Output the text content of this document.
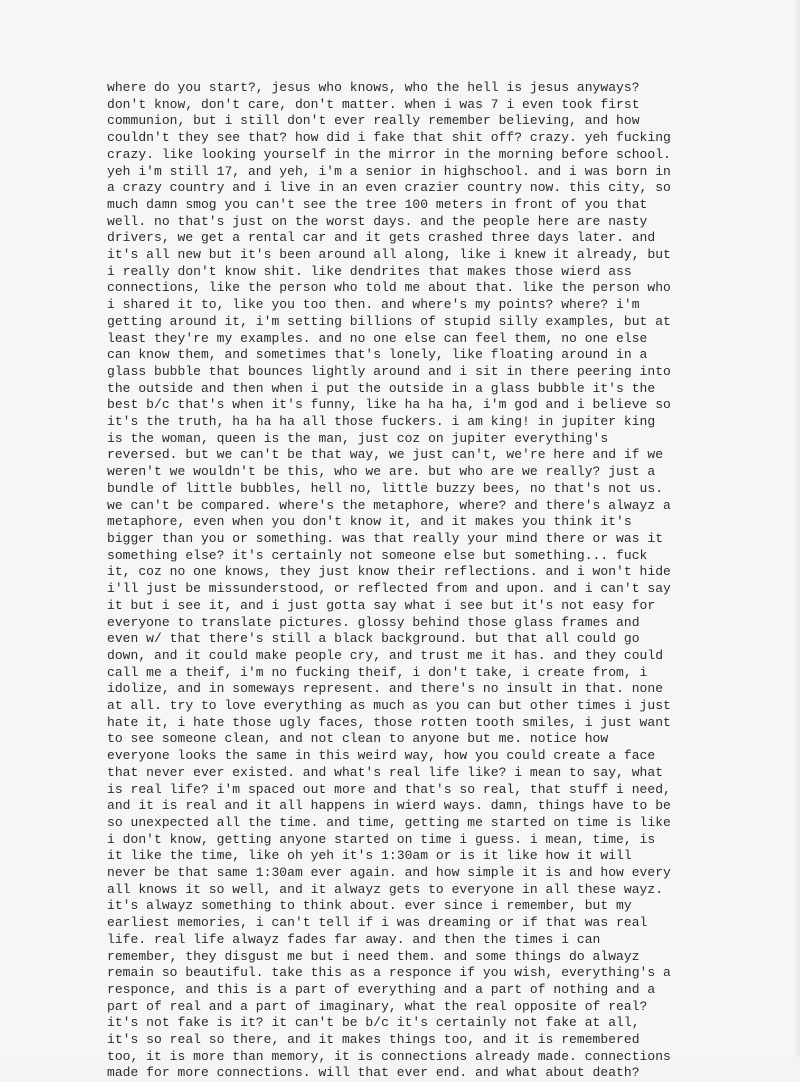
where do you start?, jesus who knows, who the hell is jesus anyways?
don't know, don't care, don't matter. when i was 7 i even took first
communion, but i still don't ever really remember believing, and how
couldn't they see that? how did i fake that shit off? crazy. yeh fucking
crazy. like looking yourself in the mirror in the morning before school.
yeh i'm still 17, and yeh, i'm a senior in highschool. and i was born in
a crazy country and i live in an even crazier country now. this city, so
much damn smog you can't see the tree 100 meters in front of you that
well. no that's just on the worst days. and the people here are nasty
drivers, we get a rental car and it gets crashed three days later. and
it's all new but it's been around all along, like i knew it already, but
i really don't know shit. like dendrites that makes those wierd ass
connections, like the person who told me about that. like the person who
i shared it to, like you too then. and where's my points? where? i'm
getting around it, i'm setting billions of stupid silly examples, but at
least they're my examples. and no one else can feel them, no one else
can know them, and sometimes that's lonely, like floating around in a
glass bubble that bounces lightly around and i sit in there peering into
the outside and then when i put the outside in a glass bubble it's the
best b/c that's when it's funny, like ha ha ha, i'm god and i believe so
it's the truth, ha ha ha all those fuckers. i am king! in jupiter king
is the woman, queen is the man, just coz on jupiter everything's
reversed. but we can't be that way, we just can't, we're here and if we
weren't we wouldn't be this, who we are. but who are we really? just a
bundle of little bubbles, hell no, little buzzy bees, no that's not us.
we can't be compared. where's the metaphore, where? and there's alwayz a
metaphore, even when you don't know it, and it makes you think it's
bigger than you or something. was that really your mind there or was it
something else? it's certainly not someone else but something... fuck
it, coz no one knows, they just know their reflections. and i won't hide
i'll just be missunderstood, or reflected from and upon. and i can't say
it but i see it, and i just gotta say what i see but it's not easy for
everyone to translate pictures. glossy behind those glass frames and
even w/ that there's still a black background. but that all could go
down, and it could make people cry, and trust me it has. and they could
call me a theif, i'm no fucking theif, i don't take, i create from, i
idolize, and in someways represent. and there's no insult in that. none
at all. try to love everything as much as you can but other times i just
hate it, i hate those ugly faces, those rotten tooth smiles, i just want
to see someone clean, and not clean to anyone but me. notice how
everyone looks the same in this weird way, how you could create a face
that never ever existed. and what's real life like? i mean to say, what
is real life? i'm spaced out more and that's so real, that stuff i need,
and it is real and it all happens in wierd ways. damn, things have to be
so unexpected all the time. and time, getting me started on time is like
i don't know, getting anyone started on time i guess. i mean, time, is
it like the time, like oh yeh it's 1:30am or is it like how it will
never be that same 1:30am ever again. and how simple it is and how every
all knows it so well, and it alwayz gets to everyone in all these wayz.
it's alwayz something to think about. ever since i remember, but my
earliest memories, i can't tell if i was dreaming or if that was real
life. real life alwayz fades far away. and then the times i can
remember, they disgust me but i need them. and some things do alwayz
remain so beautiful. take this as a responce if you wish, everything's a
responce, and this is a part of everything and a part of nothing and a
part of real and a part of imaginary, what the real opposite of real?
it's not fake is it? it can't be b/c it's certainly not fake at all,
it's so real so there, and it makes things too, and it is remembered
too, it is more than memory, it is connections already made. connections
made for more connections. will that ever end. and what about death?
